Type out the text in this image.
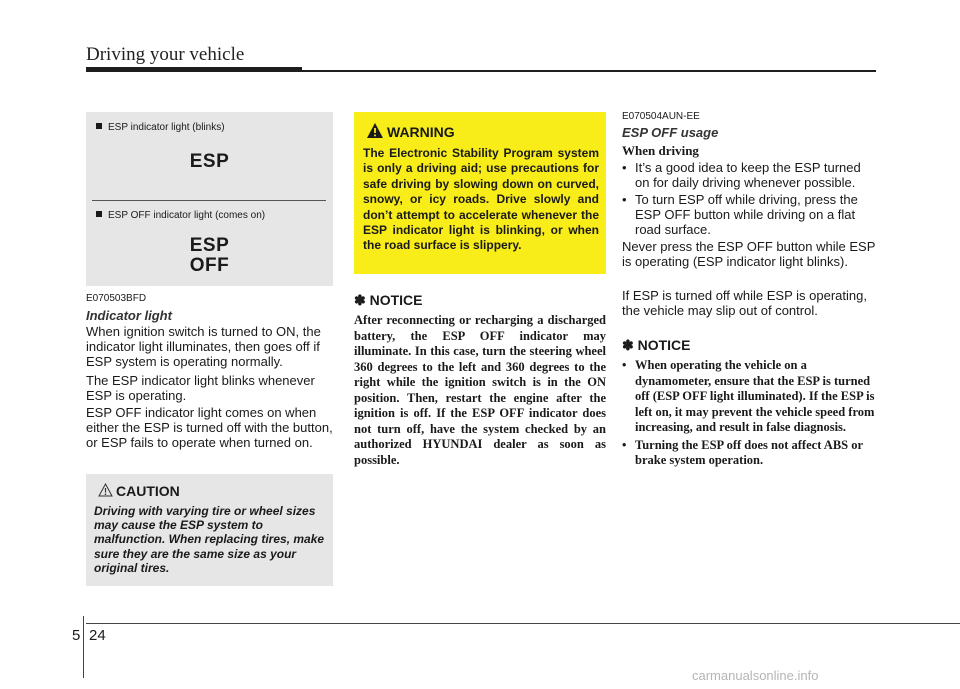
Driving your vehicle
ESP indicator light (blinks)
ESP
ESP OFF indicator light (comes on)
ESP
OFF
E070503BFD
Indicator light

When ignition switch is turned to ON, the indicator light illuminates, then goes off if ESP system is operating normally.

The ESP indicator light blinks whenever ESP is operating.

ESP OFF indicator light comes on when either the ESP is turned off with the button, or ESP fails to operate when turned on.

CAUTION

Driving with varying tire or wheel sizes may cause the ESP system to malfunction. When replacing tires, make sure they are the same size as your original tires.

WARNING

The Electronic Stability Program system is only a driving aid; use precautions for safe driving by slowing down on curved, snowy, or icy roads. Drive slowly and don’t attempt to accelerate whenever the ESP indicator light is blinking, or when the road surface is slippery.

✽ NOTICE

After reconnecting or recharging a discharged battery, the ESP OFF indicator may illuminate. In this case, turn the steering wheel 360 degrees to the left and 360 degrees to the right while the ignition switch is in the ON position. Then, restart the engine after the ignition is off. If the ESP OFF indicator does not turn off, have the system checked by an authorized HYUNDAI dealer as soon as possible.

E070504AUN-EE
ESP OFF usage
When driving
• It’s a good idea to keep the ESP turned on for daily driving whenever possible.
• To turn ESP off while driving, press the ESP OFF button while driving on a flat road surface.

Never press the ESP OFF button while ESP is operating (ESP indicator light blinks).

If ESP is turned off while ESP is operating, the vehicle may slip out of control.

✽ NOTICE
• When operating the vehicle on a dynamometer, ensure that the ESP is turned off (ESP OFF light illuminated). If the ESP is left on, it may prevent the vehicle speed from increasing, and result in false diagnosis.
• Turning the ESP off does not affect ABS or brake system operation.
5 24
carmanualsonline.info
